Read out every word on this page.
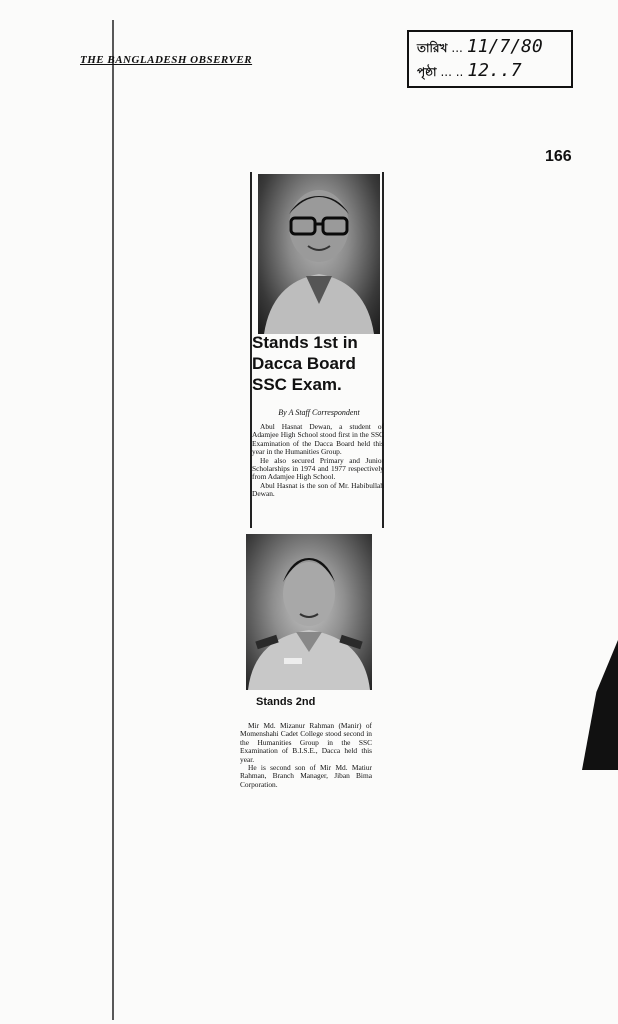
THE BANGLADESH OBSERVER
তারিখ ... 11/7/80
পৃষ্ঠা ... .. 12..7
166
Stands 1st in
Dacca Board
SSC Exam.
By A Staff Correspondent

Abul Hasnat Dewan, a student of Adamjee High School stood first in the SSC Examination of the Dacca Board held this year in the Humanities Group.

He also secured Primary and Junior Scholarships in 1974 and 1977 respectively from Adamjee High School.

Abul Hasnat is the son of Mr. Habibullah Dewan.

Stands 2nd

Mir Md. Mizanur Rahman (Manir) of Momenshahi Cadet College stood second in the Humanities Group in the SSC Examination of B.I.S.E., Dacca held this year.

He is second son of Mir Md. Matiur Rahman, Branch Manager, Jiban Bima Corporation.
